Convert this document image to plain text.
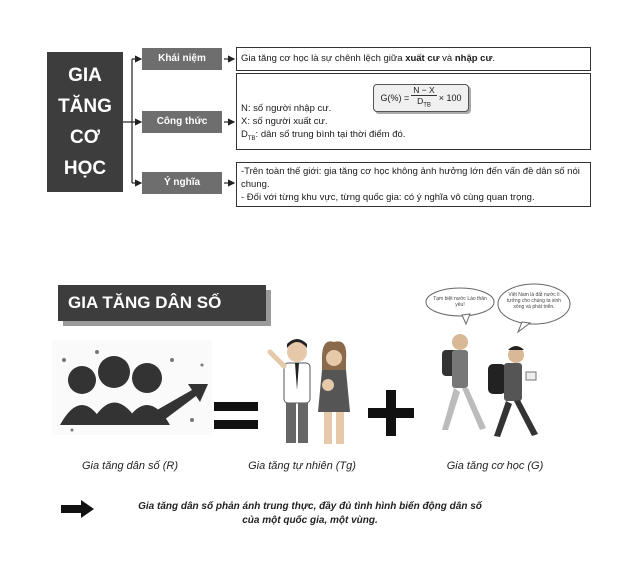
GIA
TĂNG
CƠ
HỌC
Khái niệm
Công thức
Ý nghĩa
Gia tăng cơ học là sự chênh lệch giữa xuất cư và nhập cư.
N: số người nhập cư.
X: số người xuất cư.
$D_{TB}$: dân số trung bình tại thời điểm đó.
$G(\%) = \frac{N - X}{D_{TB}} \times 100$
-Trên toàn thế giới: gia tăng cơ học không ảnh hưởng lớn đến vấn đề dân số nói chung.
- Đối với từng khu vực, từng quốc gia: có ý nghĩa vô cùng quan trọng.
GIA TĂNG DÂN SỐ	Tạm biệt nước Lào thân yêu!
Việt Nam là đất nước lí tưởng cho chúng ta sinh sống và phát triển.
Gia tăng dân số (R)	Gia tăng tự nhiên (Tg)	Gia tăng cơ học (G)
Gia tăng dân số phản ánh trung thực, đầy đủ tình hình biến động dân số
của một quốc gia, một vùng.
